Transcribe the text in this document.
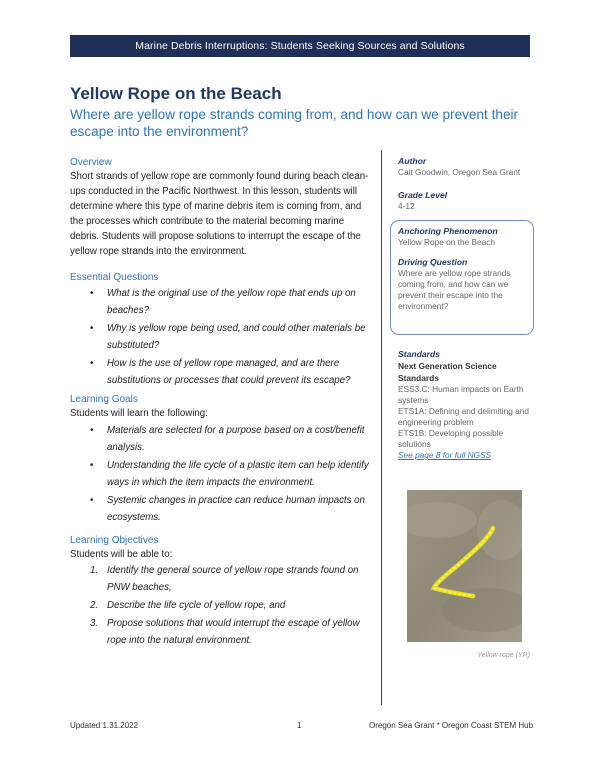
Marine Debris Interruptions: Students Seeking Sources and Solutions
Yellow Rope on the Beach
Where are yellow rope strands coming from, and how can we prevent their escape into the environment?
Overview
Short strands of yellow rope are commonly found during beach clean-ups conducted in the Pacific Northwest. In this lesson, students will determine where this type of marine debris item is coming from, and the processes which contribute to the material becoming marine debris. Students will propose solutions to interrupt the escape of the yellow rope strands into the environment.
Essential Questions
• What is the original use of the yellow rope that ends up on beaches?
• Why is yellow rope being used, and could other materials be substituted?
• How is the use of yellow rope managed, and are there substitutions or processes that could prevent its escape?
Learning Goals
Students will learn the following:
• Materials are selected for a purpose based on a cost/benefit analysis.
• Understanding the life cycle of a plastic item can help identify ways in which the item impacts the environment.
• Systemic changes in practice can reduce human impacts on ecosystems.
Learning Objectives
Students will be able to:
1. Identify the general source of yellow rope strands found on PNW beaches,
2. Describe the life cycle of yellow rope, and
3. Propose solutions that would interrupt the escape of yellow rope into the natural environment.
Author
Cait Goodwin, Oregon Sea Grant
Grade Level
4-12
Anchoring Phenomenon
Yellow Rope on the Beach
Driving Question
Where are yellow rope strands coming from, and how can we prevent their escape into the environment?
Standards
Next Generation Science Standards
ESS3.C: Human impacts on Earth systems
ETS1A: Defining and delimiting and engineering problem
ETS1B: Developing possible solutions
See page 8 for full NGSS
Yellow rope (YR)
Updated 1.31.2022	1	Oregon Sea Grant * Oregon Coast STEM Hub
